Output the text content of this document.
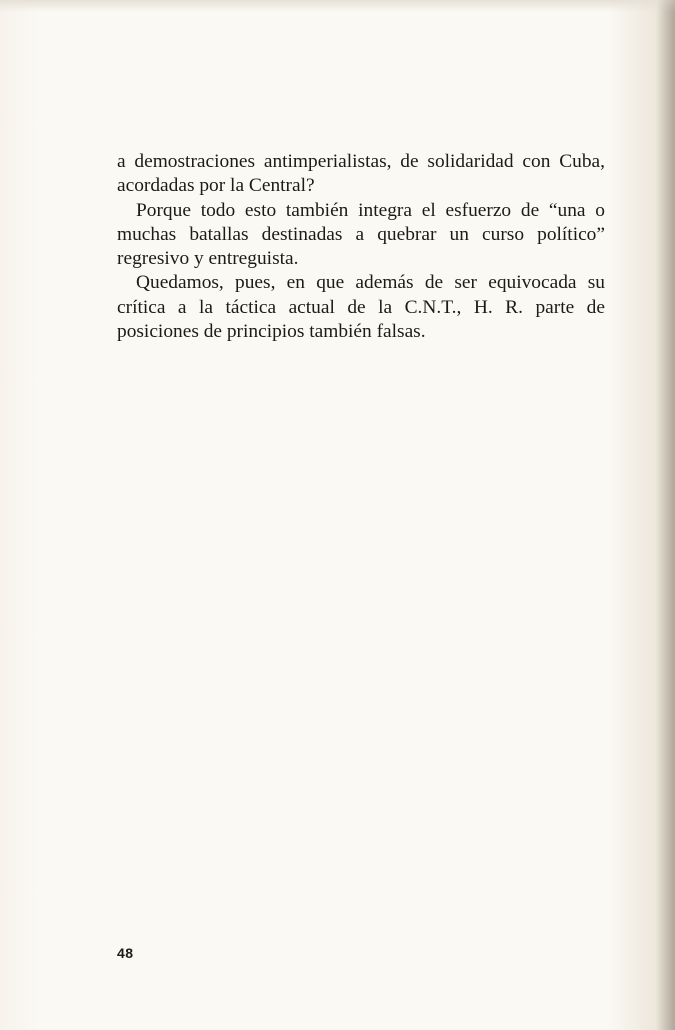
a demostraciones antimperialistas, de solidaridad con Cuba, acordadas por la Central?

Porque todo esto también integra el esfuerzo de “una o muchas batallas destinadas a quebrar un curso político” regresivo y entreguista.

Quedamos, pues, en que además de ser equivocada su crítica a la táctica actual de la C.N.T., H. R. parte de posiciones de principios también falsas.

48
